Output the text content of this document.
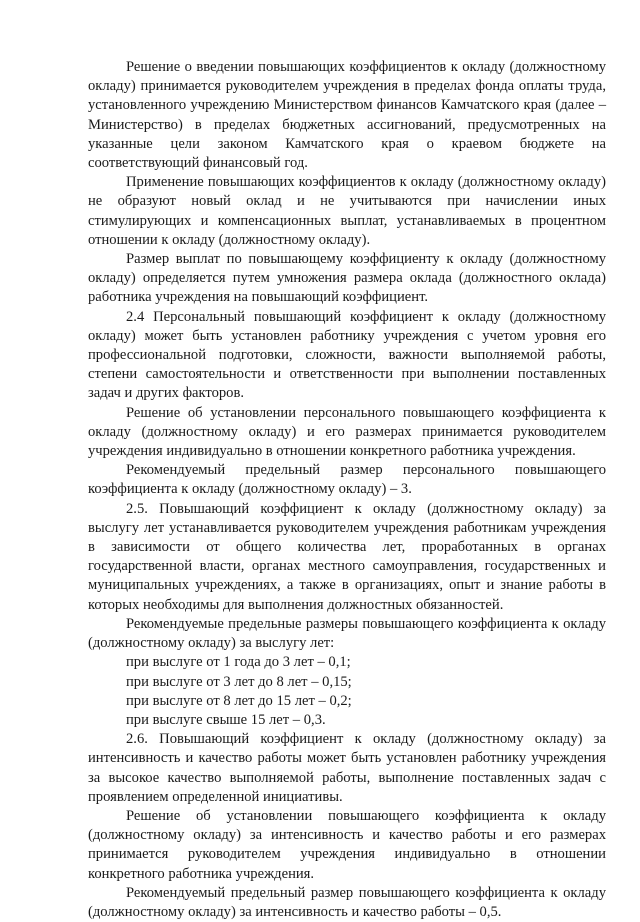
Решение о введении повышающих коэффициентов к окладу (должностному окладу) принимается руководителем учреждения в пределах фонда оплаты труда, установленного учреждению Министерством финансов Камчатского края (далее – Министерство) в пределах бюджетных ассигнований, предусмотренных на указанные цели законом Камчатского края о краевом бюджете на соответствующий финансовый год.

Применение повышающих коэффициентов к окладу (должностному окладу) не образуют новый оклад и не учитываются при начислении иных стимулирующих и компенсационных выплат, устанавливаемых в процентном отношении к окладу (должностному окладу).

Размер выплат по повышающему коэффициенту к окладу (должностному окладу) определяется путем умножения размера оклада (должностного оклада) работника учреждения на повышающий коэффициент.

2.4 Персональный повышающий коэффициент к окладу (должностному окладу) может быть установлен работнику учреждения с учетом уровня его профессиональной подготовки, сложности, важности выполняемой работы, степени самостоятельности и ответственности при выполнении поставленных задач и других факторов.

Решение об установлении персонального повышающего коэффициента к окладу (должностному окладу) и его размерах принимается руководителем учреждения индивидуально в отношении конкретного работника учреждения.

Рекомендуемый предельный размер персонального повышающего коэффициента к окладу (должностному окладу) – 3.

2.5. Повышающий коэффициент к окладу (должностному окладу) за выслугу лет устанавливается руководителем учреждения работникам учреждения в зависимости от общего количества лет, проработанных в органах государственной власти, органах местного самоуправления, государственных и муниципальных учреждениях, а также в организациях, опыт и знание работы в которых необходимы для выполнения должностных обязанностей.

Рекомендуемые предельные размеры повышающего коэффициента к окладу (должностному окладу) за выслугу лет:

при выслуге от 1 года до 3 лет – 0,1;

при выслуге от 3 лет до 8 лет – 0,15;

при выслуге от 8 лет до 15 лет – 0,2;

при выслуге свыше 15 лет – 0,3.

2.6. Повышающий коэффициент к окладу (должностному окладу) за интенсивность и качество работы может быть установлен работнику учреждения за высокое качество выполняемой работы, выполнение поставленных задач с проявлением определенной инициативы.

Решение об установлении повышающего коэффициента к окладу (должностному окладу) за интенсивность и качество работы и его размерах принимается руководителем учреждения индивидуально в отношении конкретного работника учреждения.

Рекомендуемый предельный размер повышающего коэффициента к окладу (должностному окладу) за интенсивность и качество работы – 0,5.
